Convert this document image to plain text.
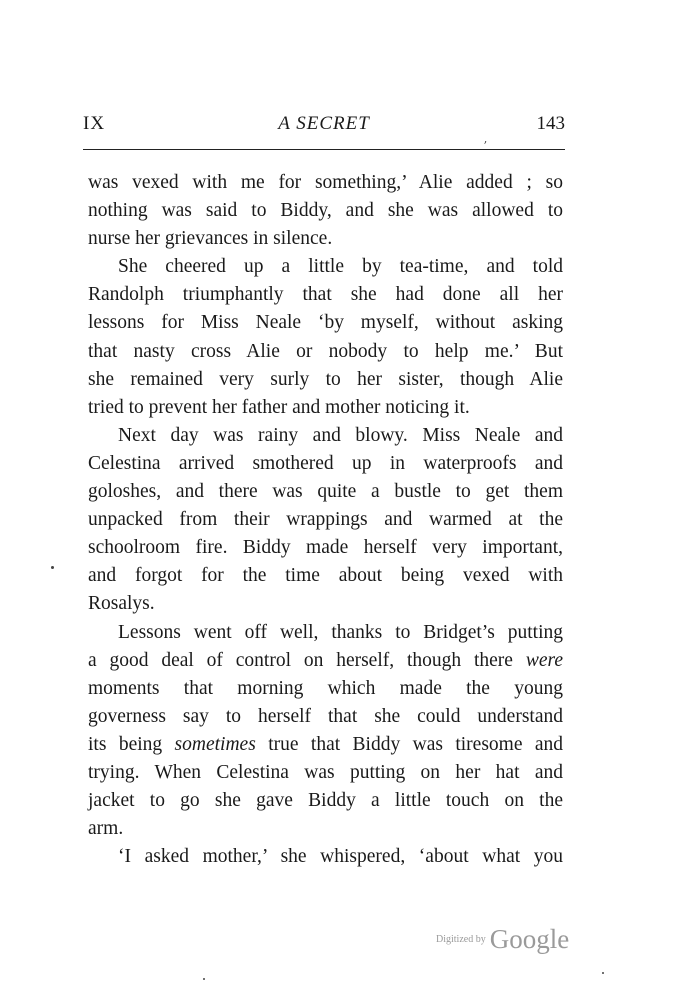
IX	A SECRET	143
ʼ
was vexed with me for something,’ Alie added ; so
nothing was said to Biddy, and she was allowed to
nurse her grievances in silence.
She cheered up a little by tea-time, and told
Randolph triumphantly that she had done all her
lessons for Miss Neale ‘by myself, without asking
that nasty cross Alie or nobody to help me.’ But
she remained very surly to her sister, though Alie
tried to prevent her father and mother noticing it.
Next day was rainy and blowy. Miss Neale and
Celestina arrived smothered up in waterproofs and
goloshes, and there was quite a bustle to get them
unpacked from their wrappings and warmed at the
schoolroom fire. Biddy made herself very important,
and forgot for the time about being vexed with
Rosalys.
Lessons went off well, thanks to Bridget’s putting
a good deal of control on herself, though there were
moments that morning which made the young
governess say to herself that she could understand
its being sometimes true that Biddy was tiresome and
trying. When Celestina was putting on her hat and
jacket to go she gave Biddy a little touch on the
arm.
‘I asked mother,’ she whispered, ‘about what you
Digitized by Google
